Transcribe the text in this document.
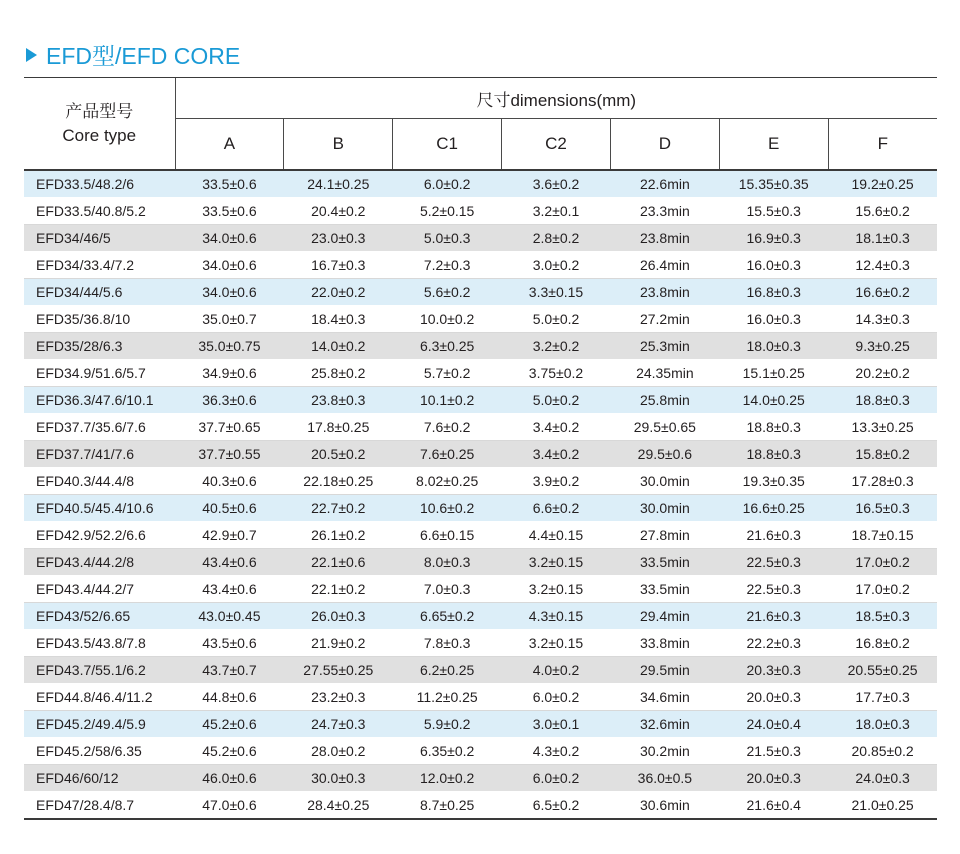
EFD型/EFD CORE
产品型号
Core type	尺寸dimensions(mm)						
	A	B	C1	C2	D	E	F
EFD33.5/48.2/6	33.5±0.6	24.1±0.25	6.0±0.2	3.6±0.2	22.6min	15.35±0.35	19.2±0.25
EFD33.5/40.8/5.2	33.5±0.6	20.4±0.2	5.2±0.15	3.2±0.1	23.3min	15.5±0.3	15.6±0.2
EFD34/46/5	34.0±0.6	23.0±0.3	5.0±0.3	2.8±0.2	23.8min	16.9±0.3	18.1±0.3
EFD34/33.4/7.2	34.0±0.6	16.7±0.3	7.2±0.3	3.0±0.2	26.4min	16.0±0.3	12.4±0.3
EFD34/44/5.6	34.0±0.6	22.0±0.2	5.6±0.2	3.3±0.15	23.8min	16.8±0.3	16.6±0.2
EFD35/36.8/10	35.0±0.7	18.4±0.3	10.0±0.2	5.0±0.2	27.2min	16.0±0.3	14.3±0.3
EFD35/28/6.3	35.0±0.75	14.0±0.2	6.3±0.25	3.2±0.2	25.3min	18.0±0.3	9.3±0.25
EFD34.9/51.6/5.7	34.9±0.6	25.8±0.2	5.7±0.2	3.75±0.2	24.35min	15.1±0.25	20.2±0.2
EFD36.3/47.6/10.1	36.3±0.6	23.8±0.3	10.1±0.2	5.0±0.2	25.8min	14.0±0.25	18.8±0.3
EFD37.7/35.6/7.6	37.7±0.65	17.8±0.25	7.6±0.2	3.4±0.2	29.5±0.65	18.8±0.3	13.3±0.25
EFD37.7/41/7.6	37.7±0.55	20.5±0.2	7.6±0.25	3.4±0.2	29.5±0.6	18.8±0.3	15.8±0.2
EFD40.3/44.4/8	40.3±0.6	22.18±0.25	8.02±0.25	3.9±0.2	30.0min	19.3±0.35	17.28±0.3
EFD40.5/45.4/10.6	40.5±0.6	22.7±0.2	10.6±0.2	6.6±0.2	30.0min	16.6±0.25	16.5±0.3
EFD42.9/52.2/6.6	42.9±0.7	26.1±0.2	6.6±0.15	4.4±0.15	27.8min	21.6±0.3	18.7±0.15
EFD43.4/44.2/8	43.4±0.6	22.1±0.6	8.0±0.3	3.2±0.15	33.5min	22.5±0.3	17.0±0.2
EFD43.4/44.2/7	43.4±0.6	22.1±0.2	7.0±0.3	3.2±0.15	33.5min	22.5±0.3	17.0±0.2
EFD43/52/6.65	43.0±0.45	26.0±0.3	6.65±0.2	4.3±0.15	29.4min	21.6±0.3	18.5±0.3
EFD43.5/43.8/7.8	43.5±0.6	21.9±0.2	7.8±0.3	3.2±0.15	33.8min	22.2±0.3	16.8±0.2
EFD43.7/55.1/6.2	43.7±0.7	27.55±0.25	6.2±0.25	4.0±0.2	29.5min	20.3±0.3	20.55±0.25
EFD44.8/46.4/11.2	44.8±0.6	23.2±0.3	11.2±0.25	6.0±0.2	34.6min	20.0±0.3	17.7±0.3
EFD45.2/49.4/5.9	45.2±0.6	24.7±0.3	5.9±0.2	3.0±0.1	32.6min	24.0±0.4	18.0±0.3
EFD45.2/58/6.35	45.2±0.6	28.0±0.2	6.35±0.2	4.3±0.2	30.2min	21.5±0.3	20.85±0.2
EFD46/60/12	46.0±0.6	30.0±0.3	12.0±0.2	6.0±0.2	36.0±0.5	20.0±0.3	24.0±0.3
EFD47/28.4/8.7	47.0±0.6	28.4±0.25	8.7±0.25	6.5±0.2	30.6min	21.6±0.4	21.0±0.25
